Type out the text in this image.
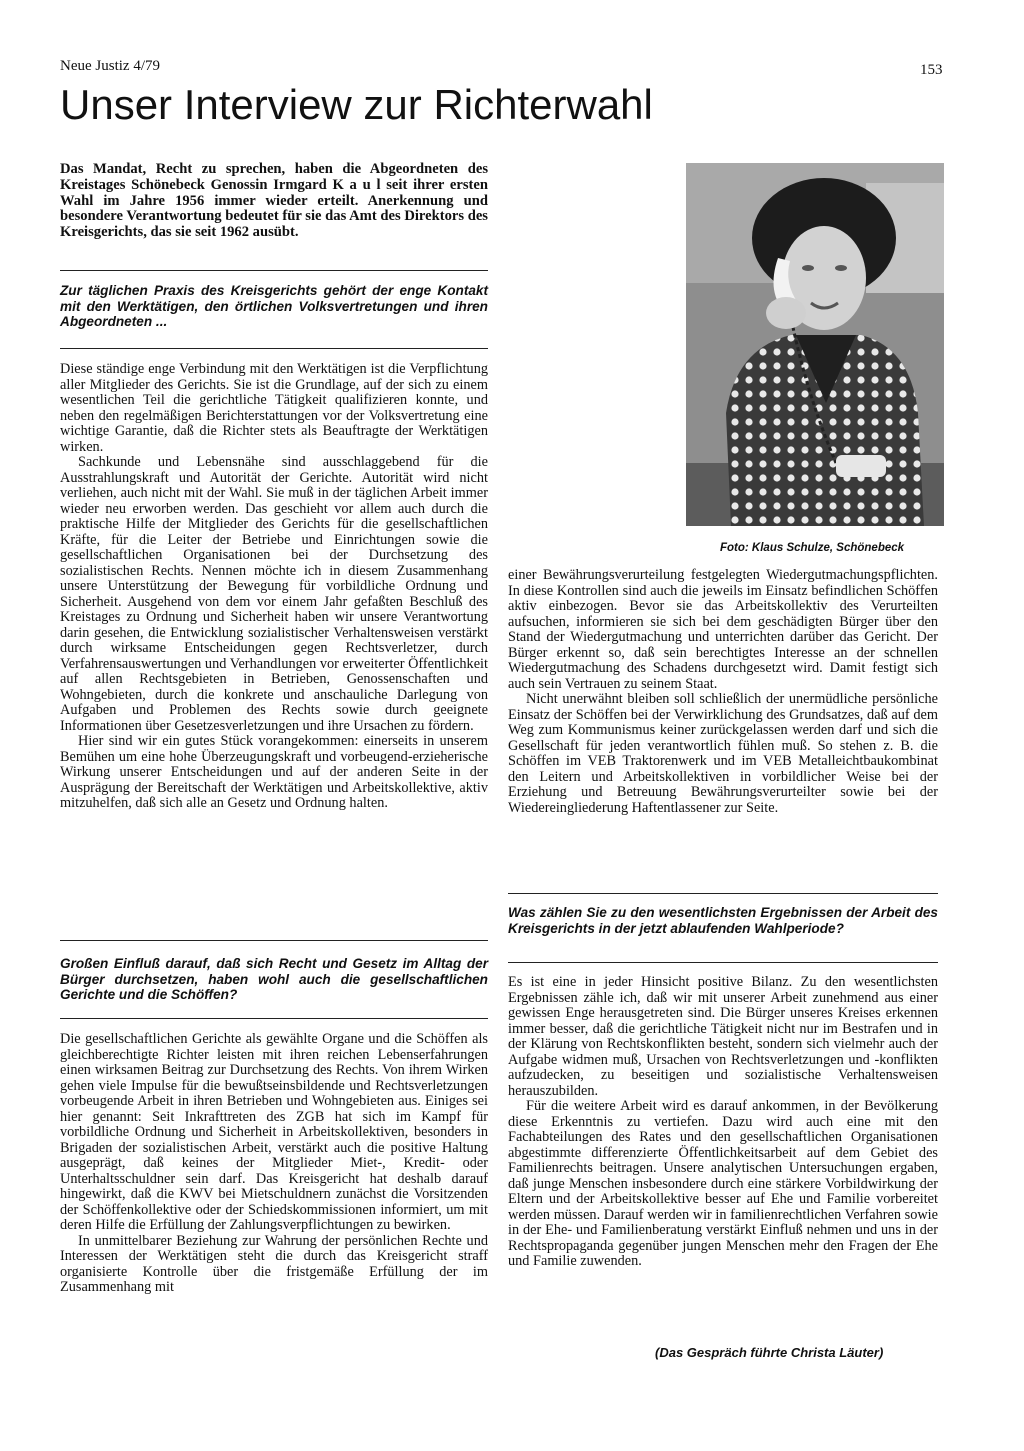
Neue Justiz 4/79	153
Unser Interview zur Richterwahl
Das Mandat, Recht zu sprechen, haben die Abgeordneten des Kreistages Schönebeck Genossin Irmgard K a u l seit ihrer ersten Wahl im Jahre 1956 immer wieder erteilt. Anerkennung und besondere Verantwortung bedeutet für sie das Amt des Direktors des Kreisgerichts, das sie seit 1962 ausübt.
Zur täglichen Praxis des Kreisgerichts gehört der enge Kontakt mit den Werktätigen, den örtlichen Volksvertretungen und ihren Abgeordneten ...

Diese ständige enge Verbindung mit den Werktätigen ist die Verpflichtung aller Mitglieder des Gerichts. Sie ist die Grundlage, auf der sich zu einem wesentlichen Teil die gerichtliche Tätigkeit qualifizieren konnte, und neben den regelmäßigen Berichterstattungen vor der Volksvertretung eine wichtige Garantie, daß die Richter stets als Beauftragte der Werktätigen wirken.

Sachkunde und Lebensnähe sind ausschlaggebend für die Ausstrahlungskraft und Autorität der Gerichte. Autorität wird nicht verliehen, auch nicht mit der Wahl. Sie muß in der täglichen Arbeit immer wieder neu erworben werden. Das geschieht vor allem auch durch die praktische Hilfe der Mitglieder des Gerichts für die gesellschaftlichen Kräfte, für die Leiter der Betriebe und Einrichtungen sowie die gesellschaftlichen Organisationen bei der Durchsetzung des sozialistischen Rechts. Nennen möchte ich in diesem Zusammenhang unsere Unterstützung der Bewegung für vorbildliche Ordnung und Sicherheit. Ausgehend von dem vor einem Jahr gefaßten Beschluß des Kreistages zu Ordnung und Sicherheit haben wir unsere Verantwortung darin gesehen, die Entwicklung sozialistischer Verhaltensweisen verstärkt durch wirksame Entscheidungen gegen Rechtsverletzer, durch Verfahrensauswertungen und Verhandlungen vor erweiterter Öffentlichkeit auf allen Rechtsgebieten in Betrieben, Genossenschaften und Wohngebieten, durch die konkrete und anschauliche Darlegung von Aufgaben und Problemen des Rechts sowie durch geeignete Informationen über Gesetzesverletzungen und ihre Ursachen zu fördern.

Hier sind wir ein gutes Stück vorangekommen: einerseits in unserem Bemühen um eine hohe Überzeugungskraft und vorbeugend-erzieherische Wirkung unserer Entscheidungen und auf der anderen Seite in der Ausprägung der Bereitschaft der Werktätigen und Arbeitskollektive, aktiv mitzuhelfen, daß sich alle an Gesetz und Ordnung halten.

Großen Einfluß darauf, daß sich Recht und Gesetz im Alltag der Bürger durchsetzen, haben wohl auch die gesellschaftlichen Gerichte und die Schöffen?

Die gesellschaftlichen Gerichte als gewählte Organe und die Schöffen als gleichberechtigte Richter leisten mit ihren reichen Lebenserfahrungen einen wirksamen Beitrag zur Durchsetzung des Rechts. Von ihrem Wirken gehen viele Impulse für die bewußtseinsbildende und Rechtsverletzungen vorbeugende Arbeit in ihren Betrieben und Wohngebieten aus. Einiges sei hier genannt: Seit Inkrafttreten des ZGB hat sich im Kampf für vorbildliche Ordnung und Sicherheit in Arbeitskollektiven, besonders in Brigaden der sozialistischen Arbeit, verstärkt auch die positive Haltung ausgeprägt, daß keines der Mitglieder Miet-, Kredit- oder Unterhaltsschuldner sein darf. Das Kreisgericht hat deshalb darauf hingewirkt, daß die KWV bei Mietschuldnern zunächst die Vorsitzenden der Schöffenkollektive oder der Schiedskommissionen informiert, um mit deren Hilfe die Erfüllung der Zahlungsverpflichtungen zu bewirken.

In unmittelbarer Beziehung zur Wahrung der persönlichen Rechte und Interessen der Werktätigen steht die durch das Kreisgericht straff organisierte Kontrolle über die fristgemäße Erfüllung der im Zusammenhang mit

Foto: Klaus Schulze, Schönebeck

einer Bewährungsverurteilung festgelegten Wiedergutmachungspflichten. In diese Kontrollen sind auch die jeweils im Einsatz befindlichen Schöffen aktiv einbezogen. Bevor sie das Arbeitskollektiv des Verurteilten aufsuchen, informieren sie sich bei dem geschädigten Bürger über den Stand der Wiedergutmachung und unterrichten darüber das Gericht. Der Bürger erkennt so, daß sein berechtigtes Interesse an der schnellen Wiedergutmachung des Schadens durchgesetzt wird. Damit festigt sich auch sein Vertrauen zu seinem Staat.

Nicht unerwähnt bleiben soll schließlich der unermüdliche persönliche Einsatz der Schöffen bei der Verwirklichung des Grundsatzes, daß auf dem Weg zum Kommunismus keiner zurückgelassen werden darf und sich die Gesellschaft für jeden verantwortlich fühlen muß. So stehen z. B. die Schöffen im VEB Traktorenwerk und im VEB Metalleichtbaukombinat den Leitern und Arbeitskollektiven in vorbildlicher Weise bei der Erziehung und Betreuung Bewährungsverurteilter sowie bei der Wiedereingliederung Haftentlassener zur Seite.

Was zählen Sie zu den wesentlichsten Ergebnissen der Arbeit des Kreisgerichts in der jetzt ablaufenden Wahlperiode?

Es ist eine in jeder Hinsicht positive Bilanz. Zu den wesentlichsten Ergebnissen zähle ich, daß wir mit unserer Arbeit zunehmend aus einer gewissen Enge herausgetreten sind. Die Bürger unseres Kreises erkennen immer besser, daß die gerichtliche Tätigkeit nicht nur im Bestrafen und in der Klärung von Rechtskonflikten besteht, sondern sich vielmehr auch der Aufgabe widmen muß, Ursachen von Rechtsverletzungen und -konflikten aufzudecken, zu beseitigen und sozialistische Verhaltensweisen herauszubilden.

Für die weitere Arbeit wird es darauf ankommen, in der Bevölkerung diese Erkenntnis zu vertiefen. Dazu wird auch eine mit den Fachabteilungen des Rates und den gesellschaftlichen Organisationen abgestimmte differenzierte Öffentlichkeitsarbeit auf dem Gebiet des Familienrechts beitragen. Unsere analytischen Untersuchungen ergaben, daß junge Menschen insbesondere durch eine stärkere Vorbildwirkung der Eltern und der Arbeitskollektive besser auf Ehe und Familie vorbereitet werden müssen. Darauf werden wir in familienrechtlichen Verfahren sowie in der Ehe- und Familienberatung verstärkt Einfluß nehmen und uns in der Rechtspropaganda gegenüber jungen Menschen mehr den Fragen der Ehe und Familie zuwenden.

(Das Gespräch führte Christa Läuter)
